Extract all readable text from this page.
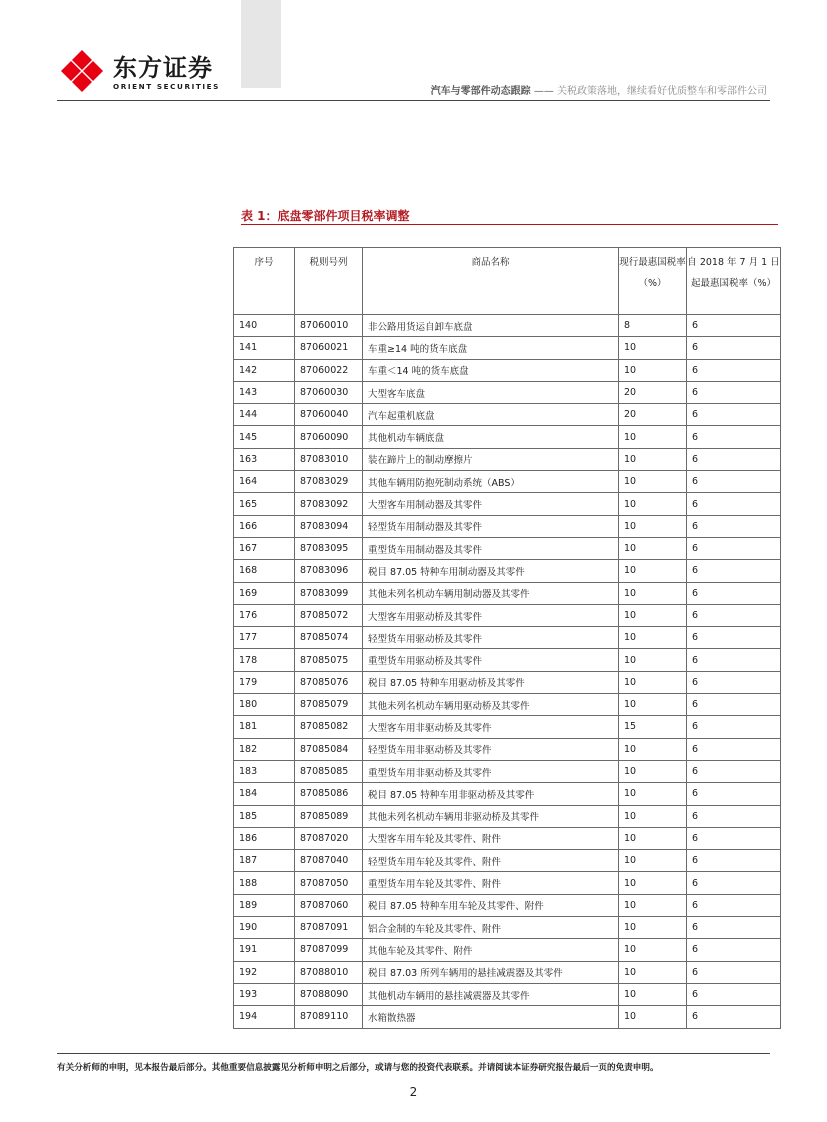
东方证券
ORIENT SECURITIES	汽车与零部件动态跟踪 —— 关税政策落地，继续看好优质整车和零部件公司
表 1：底盘零部件项目税率调整
序号	税则号列	商品名称	现行最惠国税率（%）	自 2018 年 7 月 1 日起最惠国税率（%）
140	87060010	非公路用货运自卸车底盘	8	6
141	87060021	车重≥14 吨的货车底盘	10	6
142	87060022	车重＜14 吨的货车底盘	10	6
143	87060030	大型客车底盘	20	6
144	87060040	汽车起重机底盘	20	6
145	87060090	其他机动车辆底盘	10	6
163	87083010	装在蹄片上的制动摩擦片	10	6
164	87083029	其他车辆用防抱死制动系统（ABS）	10	6
165	87083092	大型客车用制动器及其零件	10	6
166	87083094	轻型货车用制动器及其零件	10	6
167	87083095	重型货车用制动器及其零件	10	6
168	87083096	税目 87.05 特种车用制动器及其零件	10	6
169	87083099	其他未列名机动车辆用制动器及其零件	10	6
176	87085072	大型客车用驱动桥及其零件	10	6
177	87085074	轻型货车用驱动桥及其零件	10	6
178	87085075	重型货车用驱动桥及其零件	10	6
179	87085076	税目 87.05 特种车用驱动桥及其零件	10	6
180	87085079	其他未列名机动车辆用驱动桥及其零件	10	6
181	87085082	大型客车用非驱动桥及其零件	15	6
182	87085084	轻型货车用非驱动桥及其零件	10	6
183	87085085	重型货车用非驱动桥及其零件	10	6
184	87085086	税目 87.05 特种车用非驱动桥及其零件	10	6
185	87085089	其他未列名机动车辆用非驱动桥及其零件	10	6
186	87087020	大型客车用车轮及其零件、附件	10	6
187	87087040	轻型货车用车轮及其零件、附件	10	6
188	87087050	重型货车用车轮及其零件、附件	10	6
189	87087060	税目 87.05 特种车用车轮及其零件、附件	10	6
190	87087091	铝合金制的车轮及其零件、附件	10	6
191	87087099	其他车轮及其零件、附件	10	6
192	87088010	税目 87.03 所列车辆用的悬挂减震器及其零件	10	6
193	87088090	其他机动车辆用的悬挂减震器及其零件	10	6
194	87089110	水箱散热器	10	6
有关分析师的申明，见本报告最后部分。其他重要信息披露见分析师申明之后部分，或请与您的投资代表联系。并请阅读本证券研究报告最后一页的免责申明。
2
